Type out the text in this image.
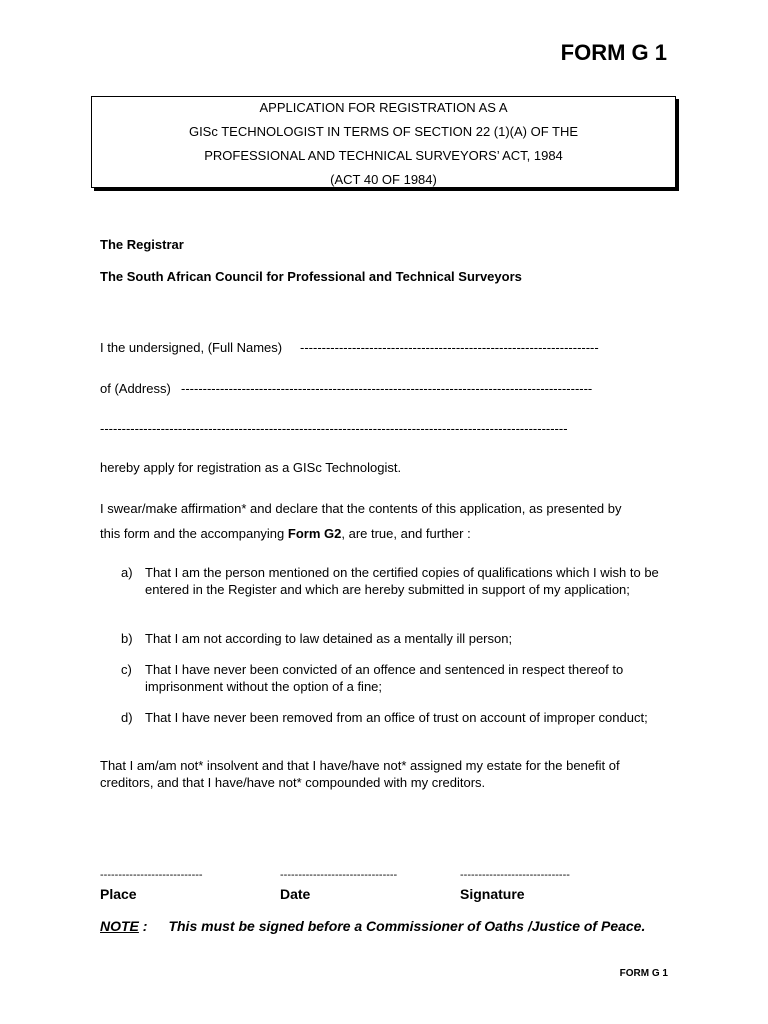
FORM G 1
APPLICATION FOR REGISTRATION AS A
GISc TECHNOLOGIST IN TERMS OF SECTION 22 (1)(A) OF THE
PROFESSIONAL AND TECHNICAL SURVEYORS’ ACT, 1984
(ACT 40 OF 1984)
The Registrar
The South African Council for Professional and Technical Surveyors
I the undersigned, (Full Names) ---------------------------------------------------------------------
of (Address) -----------------------------------------------------------------------------------------------
------------------------------------------------------------------------------------------------------------
hereby apply for registration as a GISc Technologist.
I swear/make affirmation* and declare that the contents of this application, as presented by
this form and the accompanying Form G2, are true, and further :
a) That I am the person mentioned on the certified copies of qualifications which I wish to be entered in the Register and which are hereby submitted in support of my application;
b) That I am not according to law detained as a mentally ill person;
c) That I have never been convicted of an offence and sentenced in respect thereof to imprisonment without the option of a fine;
d) That I have never been removed from an office of trust on account of improper conduct;
That I am/am not* insolvent and that I have/have not* assigned my estate for the benefit of
creditors, and that I have/have not* compounded with my creditors.
----------------------------	--------------------------------	------------------------------
Place	Date	Signature
NOTE : This must be signed before a Commissioner of Oaths /Justice of Peace.
FORM G 1
